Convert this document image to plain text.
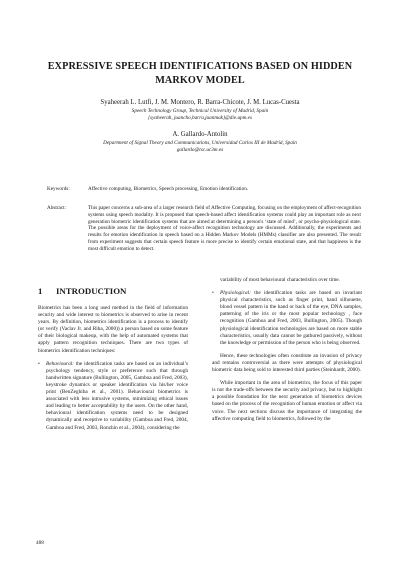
EXPRESSIVE SPEECH IDENTIFICATIONS BASED ON HIDDEN
MARKOV MODEL
Syaheerah L. Lutfi, J. M. Montero, R. Barra-Chicote, J. M. Lucas-Cuesta
Speech Technology Group, Technical University of Madrid, Spain
{syaheerah, juancho,barra,juanmak}@die.upm.es
A. Gallardo-Antolin
Department of Signal Theory and Communications, Universidad Carlos III de Madrid, Spain
gallardo@tsc.uc3m.es
Keywords:	Affective computing, Biometrics, Speech processing, Emotion identification.
Abstract:	This paper concerns a sub-area of a larger research field of Affective Computing, focusing on the employment of affect-recognition systems using speech modality. It is proposed that speech-based affect identification systems could play an important role as next generation biometric identification systems that are aimed at determining a person's ‘state of mind’, or psycho-physiological state. The possible areas for the deployment of voice-affect recognition technology are discussed. Additionally, the experiments and results for emotion identification in speech based on a Hidden Markov Models (HMMs) classifier are also presented. The result from experiment suggests that certain speech feature is more precise to identify certain emotional state, and that happiness is the most difficult emotion to detect.
1 INTRODUCTION

Biometrics has been a long used method in the field of information security and wide interest to biometrics is observed to arise in recent years. By definition, biometrics identification is a process to identify (or verify (Vaclav Jr. and Riha, 2000)) a person based on some feature of their biological makeup, with the help of automated systems that apply pattern recognition techniques. There are two types of biometrics identification techniques:

• Behavioural: the identification tasks are based on an individual’s psychology tendency, style or preference such that through handwritten signature (Bullington, 2005, Gamboa and Fred, 2003), keystroke dynamics or speaker identification via his/her voice print (BenZeghiba et al., 2001). Behavioural biometrics is associated with less intrusive systems, minimizing ethical issues and leading to better acceptability by the users. On the other hand, behavioural identification systems need to be designed dynamically and receptive to variability (Gamboa and Fred, 2004, Gamboa and Fred, 2003, Ronzhin et al., 2004), considering the

variability of most behavioural characteristics over time.

• Physiological: the identification tasks are based on invariant physical characteristics, such as finger print, hand silhouette, blood vessel pattern in the hand or back of the eye, DNA samples, patterning of the iris or the most popular technology , face recognition (Gamboa and Fred, 2003, Bullington, 2005). Though physiological identification technologies are based on more stable characteristics, usually data cannot be gathured passively, without the knowledge or permission of the person who is being observed.

Hence, these technologies often constitute an invasion of privacy and remains controversial as there were attempts of physiological biometric data being sold to interested third parties (Steinhardt, 2000).

While important in the area of biometrics, the focus of this paper is not the trade-offs between the security and privacy, but to highlight a possible foundation for the next generation of biometrics devices based on the process of the recognition of human emotion or affect via voice. The next sections discuss the importance of integrating the affective computing field to biometrics, followed by the

488
